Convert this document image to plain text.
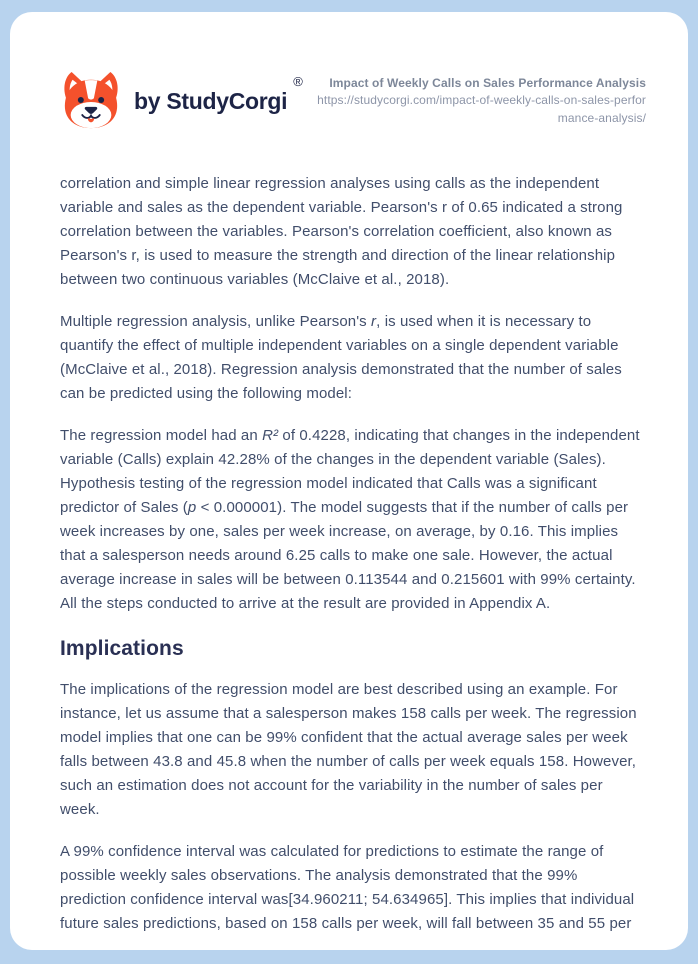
by StudyCorgi
®	Impact of Weekly Calls on Sales Performance Analysis
https://studycorgi.com/impact-of-weekly-calls-on-sales-performance-analysis/

correlation and simple linear regression analyses using calls as the independent variable and sales as the dependent variable. Pearson's r of 0.65 indicated a strong correlation between the variables. Pearson's correlation coefficient, also known as Pearson's r, is used to measure the strength and direction of the linear relationship between two continuous variables (McClaive et al., 2018).

Multiple regression analysis, unlike Pearson's r, is used when it is necessary to quantify the effect of multiple independent variables on a single dependent variable (McClaive et al., 2018). Regression analysis demonstrated that the number of sales can be predicted using the following model:

The regression model had an R² of 0.4228, indicating that changes in the independent variable (Calls) explain 42.28% of the changes in the dependent variable (Sales). Hypothesis testing of the regression model indicated that Calls was a significant predictor of Sales (p < 0.000001). The model suggests that if the number of calls per week increases by one, sales per week increase, on average, by 0.16. This implies that a salesperson needs around 6.25 calls to make one sale. However, the actual average increase in sales will be between 0.113544 and 0.215601 with 99% certainty. All the steps conducted to arrive at the result are provided in Appendix A.

Implications

The implications of the regression model are best described using an example. For instance, let us assume that a salesperson makes 158 calls per week. The regression model implies that one can be 99% confident that the actual average sales per week falls between 43.8 and 45.8 when the number of calls per week equals 158. However, such an estimation does not account for the variability in the number of sales per week.

A 99% confidence interval was calculated for predictions to estimate the range of possible weekly sales observations. The analysis demonstrated that the 99% prediction confidence interval was[34.960211; 54.634965]. This implies that individual future sales predictions, based on 158 calls per week, will fall between 35 and 55 per
